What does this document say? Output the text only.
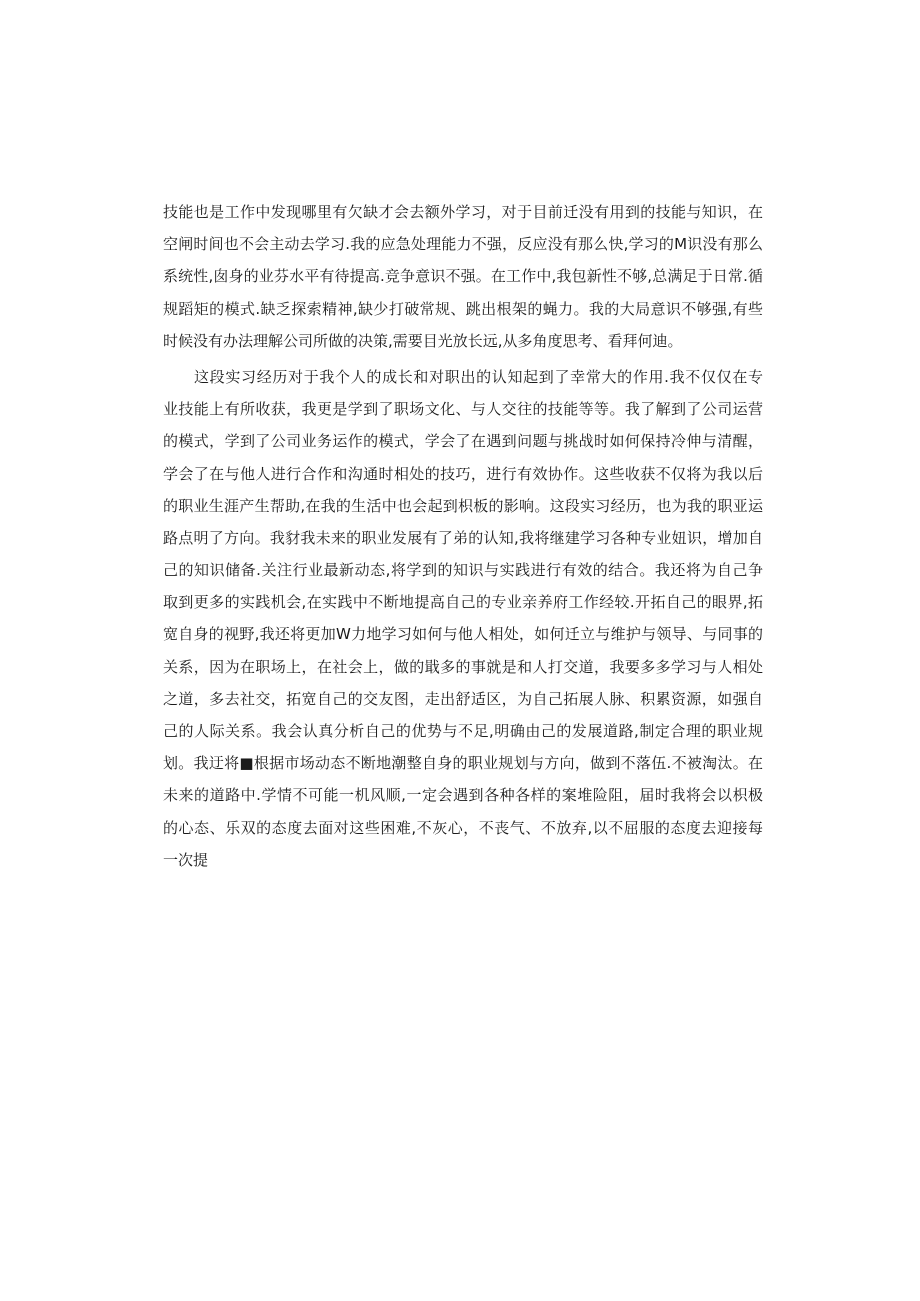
技能也是工作中发现哪里有欠缺才会去额外学习，对于目前迁没有用到的技能与知识，在
空闸时间也不会主动去学习.我的应急处理能力不强，反应没有那么快,学习的M识没有那么
系统性,囱身的业芬水平有待提高.竞争意识不强。在工作中,我包新性不够,总满足于日常.循
规蹈矩的模式.缺乏探索精神,缺少打破常规、跳出根架的蝇力。我的大局意识不够强,有些
时候没有办法理解公司所做的决策,需要目光放长远,从多角度思考、看拜何迪。
这段实习经历对于我个人的成长和对职出的认知起到了幸常大的作用.我不仅仅在专
业技能上有所收获，我更是学到了职场文化、与人交往的技能等等。我了解到了公司运营
的模式，学到了公司业务运作的模式，学会了在遇到问题与挑战时如何保持冷伸与清醒，
学会了在与他人进行合作和沟通时相处的技巧，进行有效协作。这些收获不仅将为我以后
的职业生涯产生帮助,在我的生活中也会起到枳板的影响。这段实习经历，也为我的职亚运
路点明了方向。我豺我未来的职业发展有了弟的认知,我将继建学习各种专业妞识，增加自
己的知识储备.关注行业最新动态,将学到的知识与实践进行有效的结合。我还将为自己争
取到更多的实践机会,在实践中不断地提高自己的专业亲养府工作经较.开拓自己的眼界,拓
宽自身的视野,我还将更加W力地学习如何与他人相处，如何迁立与维护与领导、与同事的
关系，因为在职场上，在社会上，做的戢多的事就是和人打交道，我要多多学习与人相处
之道，多去社交，拓宽自己的交友图，走出舒适区，为自己拓展人脉、积累资源，如强自
己的人际关系。我会认真分析自己的优势与不足,明确由己的发展道路,制定合理的职业规
划。我迂将■根据市场动态不断地潮整自身的职业规划与方向，做到不落伍.不被淘汰。在
未来的道路中.学情不可能一机风顺,一定会遇到各种各样的案堆险阻，届时我将会以枳极
的心态、乐双的态度去面对这些困难,不灰心，不丧气、不放弃,以不屈服的态度去迎接每
一次提
